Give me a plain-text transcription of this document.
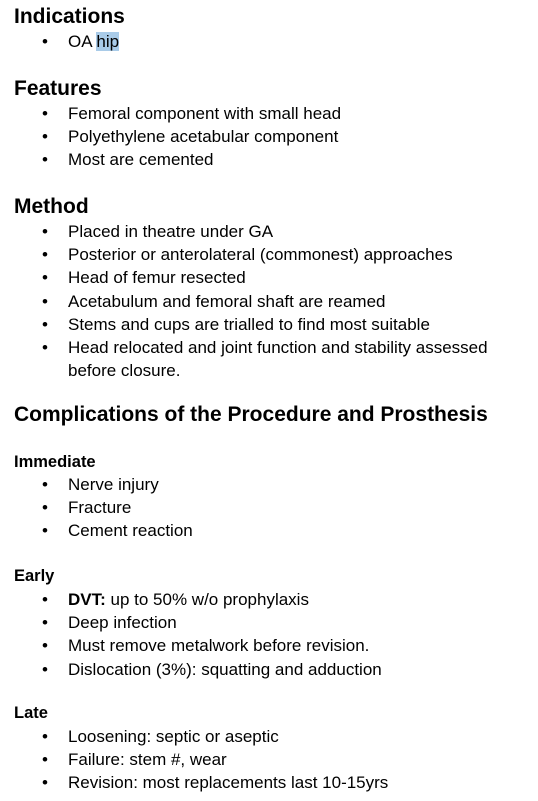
Indications
• OA hip
Features
• Femoral component with small head
• Polyethylene acetabular component
• Most are cemented
Method
• Placed in theatre under GA
• Posterior or anterolateral (commonest) approaches
• Head of femur resected
• Acetabulum and femoral shaft are reamed
• Stems and cups are trialled to find most suitable
• Head relocated and joint function and stability assessed before closure.
Complications of the Procedure and Prosthesis
Immediate
• Nerve injury
• Fracture
• Cement reaction
Early
• DVT: up to 50% w/o prophylaxis
• Deep infection
• Must remove metalwork before revision.
• Dislocation (3%): squatting and adduction
Late
• Loosening: septic or aseptic
• Failure: stem #, wear
• Revision: most replacements last 10-15yrs
